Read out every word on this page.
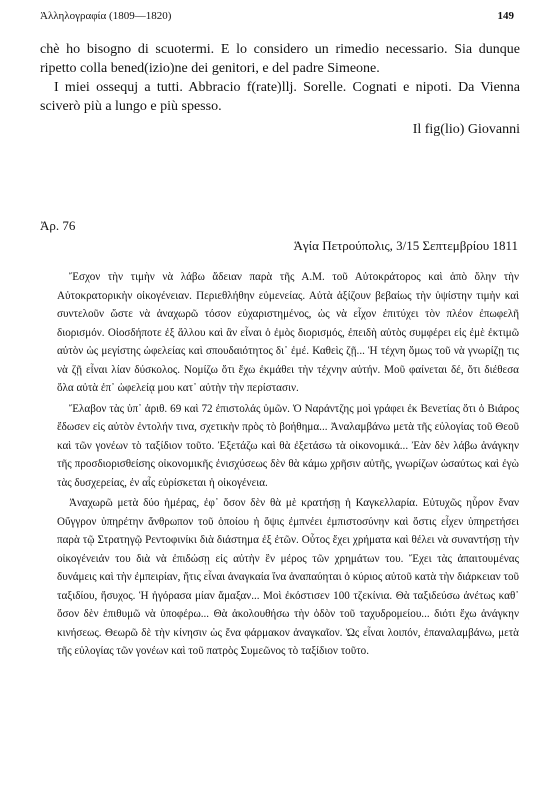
Ἀλληλογραφία (1809—1820)	149

chè ho bisogno di scuotermi. E lo considero un rimedio necessario. Sia dunque ripetto colla bened(izio)ne dei genitori, e del padre Simeone.

I miei ossequj a tutti. Abbracio f(rate)llj. Sorelle. Cognati e nipoti. Da Vienna sciverò più a lungo e più spesso.

Il fig(lio) Giovanni

Ἀρ. 76
Ἁγία Πετρούπολις, 3/15 Σεπτεμβρίου 1811

Ἔσχον τὴν τιμὴν νὰ λάβω ἄδειαν παρὰ τῆς Α.Μ. τοῦ Αὐτοκράτορος καὶ ἀπὸ ὅλην τὴν Αὐτοκρατορικὴν οἰκογένειαν. Περιεθλήθην εὐμενείας. Αὐτὰ ἀξίζουν βεβαίως τὴν ὑψίστην τιμὴν καὶ συντελοῦν ὥστε νὰ ἀναχωρῶ τόσον εὐχαριστημένος, ὡς νὰ εἶχον ἐπιτύχει τὸν πλέον ἐπωφελῆ διορισμόν. Οἱοσδήποτε ἐξ ἄλλου καὶ ἂν εἶναι ὁ ἐμὸς διορισμός, ἐπειδὴ αὐτὸς συμφέρει εἰς ἐμὲ ἐκτιμῶ αὐτὸν ὡς μεγίστης ὠφελείας καὶ σπουδαιότητος δι᾽ ἐμέ. Καθεὶς ζῇ... Ἡ τέχνη ὅμως τοῦ νὰ γνωρίζῃ τις νὰ ζῇ εἶναι λίαν δύσκολος. Νομίζω ὅτι ἔχω ἐκμάθει τὴν τέχνην αὐτήν. Μοῦ φαίνεται δέ, ὅτι διέθεσα ὅλα αὐτὰ ἐπ᾽ ὠφελείᾳ μου κατ᾽ αὐτὴν τὴν περίστασιν.

Ἔλαβον τὰς ὑπ᾽ ἀριθ. 69 καὶ 72 ἐπιστολάς ὑμῶν. Ὁ Ναράντζης μοὶ γράφει ἐκ Βενετίας ὅτι ὁ Βιάρος ἔδωσεν εἰς αὐτὸν ἐντολήν τινα, σχετικὴν πρὸς τὸ βοήθημα... Ἀναλαμβάνω μετὰ τῆς εὐλογίας τοῦ Θεοῦ καὶ τῶν γονέων τὸ ταξίδιον τοῦτο. Ἐξετάζω καὶ θὰ ἐξετάσω τὰ οἰκονομικά... Ἐὰν δὲν λάβω ἀνάγκην τῆς προσδιορισθείσης οἰκονομικῆς ἐνισχύσεως δὲν θὰ κάμω χρῆσιν αὐτῆς, γνωρίζων ὡσαύτως καὶ ἐγὼ τὰς δυσχερείας, ἐν αἷς εὑρίσκεται ἡ οἰκογένεια.

Ἀναχωρῶ μετὰ δύο ἡμέρας, ἐφ᾽ ὅσον δὲν θὰ μὲ κρατήσῃ ἡ Καγκελλαρία. Εὐτυχῶς ηὗρον ἕναν Οὔγγρον ὑπηρέτην ἄνθρωπον τοῦ ὁποίου ἡ ὄψις ἐμπνέει ἐμπιστοσύνην καὶ ὅστις εἶχεν ὑπηρετήσει παρὰ τῷ Στρατηγῷ Ρεντοφινίκι διὰ διάστημα ἐξ ἐτῶν. Οὗτος ἔχει χρήματα καὶ θέλει νὰ συναντήσῃ τὴν οἰκογένειάν του διὰ νὰ ἐπιδώσῃ εἰς αὐτὴν ἓν μέρος τῶν χρημάτων του. Ἔχει τὰς ἀπαιτουμένας δυνάμεις καὶ τὴν ἐμπειρίαν, ἥτις εἶναι ἀναγκαία ἵνα ἀναπαύηται ὁ κύριος αὐτοῦ κατὰ τὴν διάρκειαν τοῦ ταξιδίου, ἥσυχος. Ἡ ἠγόρασα μίαν ἅμαξαν... Μοὶ ἐκόστισεν 100 τζεκίνια. Θὰ ταξιδεύσω ἀνέτως καθ᾽ ὅσον δὲν ἐπιθυμῶ νὰ ὑποφέρω... Θὰ ἀκολουθήσω τὴν ὁδὸν τοῦ ταχυδρομείου... διότι ἔχω ἀνάγκην κινήσεως. Θεωρῶ δὲ τὴν κίνησιν ὡς ἕνα φάρμακον ἀναγκαῖον. Ὡς εἶναι λοιπόν, ἐπαναλαμβάνω, μετὰ τῆς εὐλογίας τῶν γονέων καὶ τοῦ πατρὸς Συμεῶνος τὸ ταξίδιον τοῦτο.
